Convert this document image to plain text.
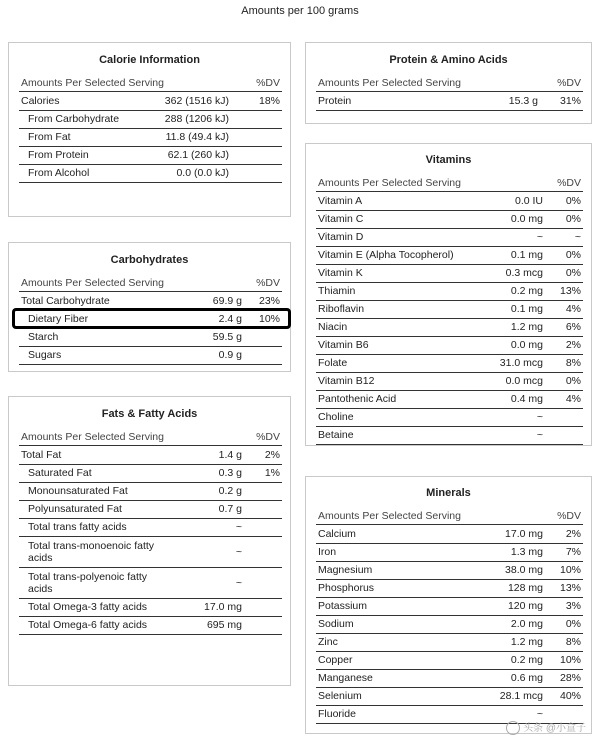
Amounts per 100 grams
Calorie Information
Amounts Per Selected Serving	%DV
Calories	362 (1516 kJ)	18%
From Carbohydrate	288 (1206 kJ)
From Fat	11.8 (49.4 kJ)
From Protein	62.1 (260 kJ)
From Alcohol	0.0 (0.0 kJ)
Carbohydrates
Amounts Per Selected Serving	%DV
Total Carbohydrate	69.9 g	23%
Dietary Fiber	2.4 g	10%
Starch	59.5 g
Sugars	0.9 g
Fats & Fatty Acids
Amounts Per Selected Serving	%DV
Total Fat	1.4 g	2%
Saturated Fat	0.3 g	1%
Monounsaturated Fat	0.2 g
Polyunsaturated Fat	0.7 g
Total trans fatty acids	~
Total trans-monoenoic fatty acids	~
Total trans-polyenoic fatty acids	~
Total Omega-3 fatty acids	17.0 mg
Total Omega-6 fatty acids	695 mg
Protein & Amino Acids
Amounts Per Selected Serving	%DV
Protein	15.3 g	31%
Vitamins
Amounts Per Selected Serving	%DV
Vitamin A	0.0 IU	0%
Vitamin C	0.0 mg	0%
Vitamin D	~	~
Vitamin E (Alpha Tocopherol)	0.1 mg	0%
Vitamin K	0.3 mcg	0%
Thiamin	0.2 mg	13%
Riboflavin	0.1 mg	4%
Niacin	1.2 mg	6%
Vitamin B6	0.0 mg	2%
Folate	31.0 mcg	8%
Vitamin B12	0.0 mcg	0%
Pantothenic Acid	0.4 mg	4%
Choline	~
Betaine	~
Minerals
Amounts Per Selected Serving	%DV
Calcium	17.0 mg	2%
Iron	1.3 mg	7%
Magnesium	38.0 mg	10%
Phosphorus	128 mg	13%
Potassium	120 mg	3%
Sodium	2.0 mg	0%
Zinc	1.2 mg	8%
Copper	0.2 mg	10%
Manganese	0.6 mg	28%
Selenium	28.1 mcg	40%
Fluoride	~
头条 @小盒子
